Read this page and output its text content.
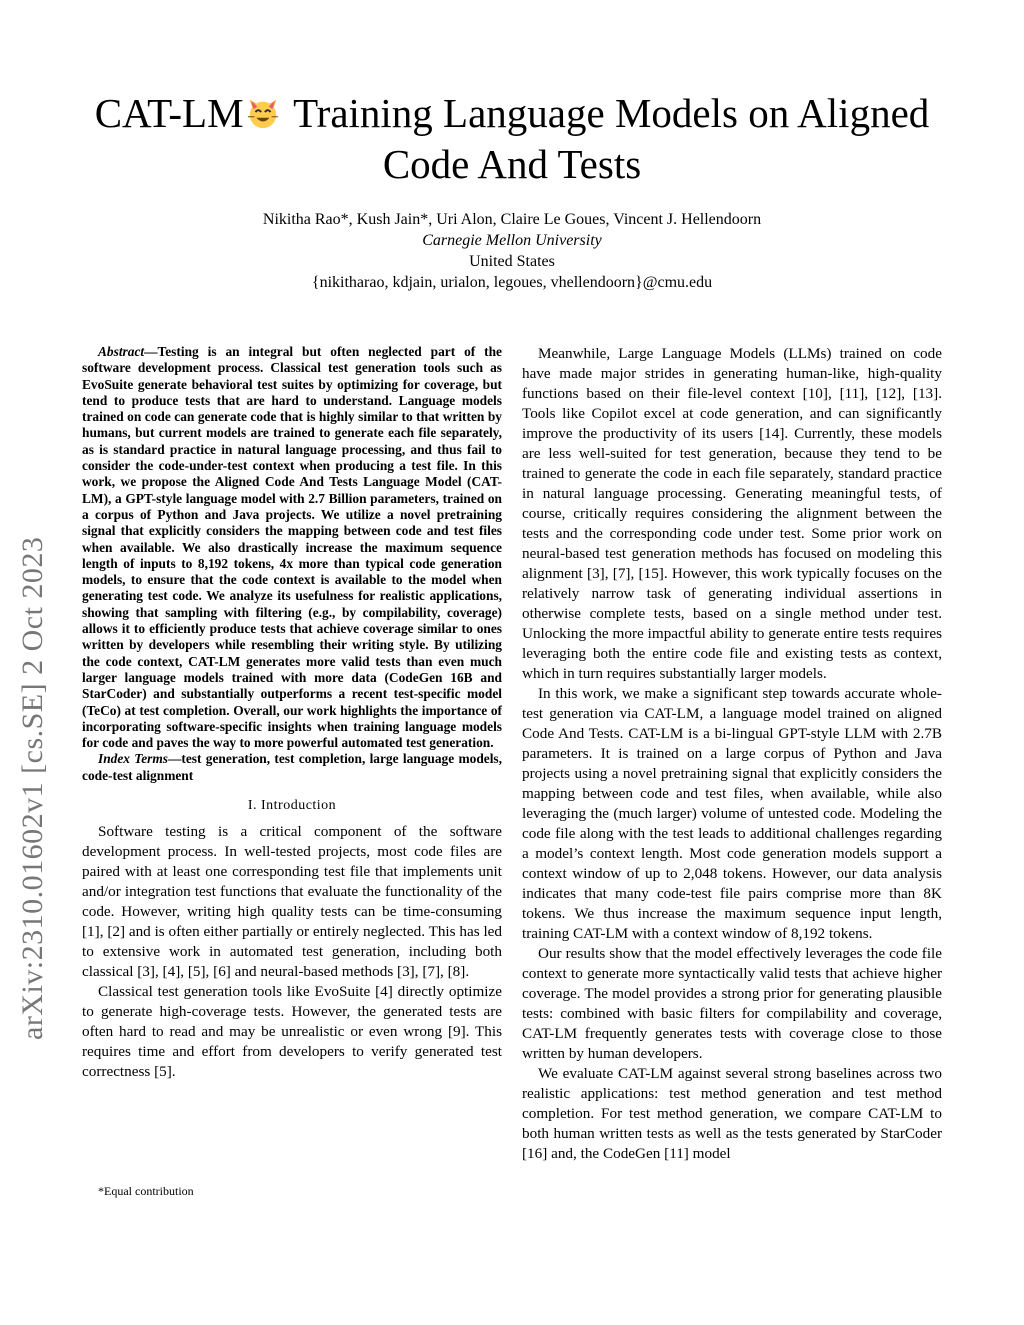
CAT-LM Training Language Models on Aligned
Code And Tests
Nikitha Rao*, Kush Jain*, Uri Alon, Claire Le Goues, Vincent J. Hellendoorn
Carnegie Mellon University
United States
{nikitharao, kdjain, urialon, legoues, vhellendoorn}@cmu.edu
arXiv:2310.01602v1 [cs.SE] 2 Oct 2023

Abstract—Testing is an integral but often neglected part of the software development process. Classical test generation tools such as EvoSuite generate behavioral test suites by optimizing for coverage, but tend to produce tests that are hard to understand. Language models trained on code can generate code that is highly similar to that written by humans, but current models are trained to generate each file separately, as is standard practice in natural language processing, and thus fail to consider the code-under-test context when producing a test file. In this work, we propose the Aligned Code And Tests Language Model (CAT-LM), a GPT-style language model with 2.7 Billion parameters, trained on a corpus of Python and Java projects. We utilize a novel pretraining signal that explicitly considers the mapping between code and test files when available. We also drastically increase the maximum sequence length of inputs to 8,192 tokens, 4x more than typical code generation models, to ensure that the code context is available to the model when generating test code. We analyze its usefulness for realistic applications, showing that sampling with filtering (e.g., by compilability, coverage) allows it to efficiently produce tests that achieve coverage similar to ones written by developers while resembling their writing style. By utilizing the code context, CAT-LM generates more valid tests than even much larger language models trained with more data (CodeGen 16B and StarCoder) and substantially outperforms a recent test-specific model (TeCo) at test completion. Overall, our work highlights the importance of incorporating software-specific insights when training language models for code and paves the way to more powerful automated test generation.

Index Terms—test generation, test completion, large language models, code-test alignment

I. Introduction

Software testing is a critical component of the software development process. In well-tested projects, most code files are paired with at least one corresponding test file that implements unit and/or integration test functions that evaluate the functionality of the code. However, writing high quality tests can be time-consuming [1], [2] and is often either partially or entirely neglected. This has led to extensive work in automated test generation, including both classical [3], [4], [5], [6] and neural-based methods [3], [7], [8].

Classical test generation tools like EvoSuite [4] directly optimize to generate high-coverage tests. However, the generated tests are often hard to read and may be unrealistic or even wrong [9]. This requires time and effort from developers to verify generated test correctness [5].

*Equal contribution

Meanwhile, Large Language Models (LLMs) trained on code have made major strides in generating human-like, high-quality functions based on their file-level context [10], [11], [12], [13]. Tools like Copilot excel at code generation, and can significantly improve the productivity of its users [14]. Currently, these models are less well-suited for test generation, because they tend to be trained to generate the code in each file separately, standard practice in natural language processing. Generating meaningful tests, of course, critically requires considering the alignment between the tests and the corresponding code under test. Some prior work on neural-based test generation methods has focused on modeling this alignment [3], [7], [15]. However, this work typically focuses on the relatively narrow task of generating individual assertions in otherwise complete tests, based on a single method under test. Unlocking the more impactful ability to generate entire tests requires leveraging both the entire code file and existing tests as context, which in turn requires substantially larger models.

In this work, we make a significant step towards accurate whole-test generation via CAT-LM, a language model trained on aligned Code And Tests. CAT-LM is a bi-lingual GPT-style LLM with 2.7B parameters. It is trained on a large corpus of Python and Java projects using a novel pretraining signal that explicitly considers the mapping between code and test files, when available, while also leveraging the (much larger) volume of untested code. Modeling the code file along with the test leads to additional challenges regarding a model’s context length. Most code generation models support a context window of up to 2,048 tokens. However, our data analysis indicates that many code-test file pairs comprise more than 8K tokens. We thus increase the maximum sequence input length, training CAT-LM with a context window of 8,192 tokens.

Our results show that the model effectively leverages the code file context to generate more syntactically valid tests that achieve higher coverage. The model provides a strong prior for generating plausible tests: combined with basic filters for compilability and coverage, CAT-LM frequently generates tests with coverage close to those written by human developers.

We evaluate CAT-LM against several strong baselines across two realistic applications: test method generation and test method completion. For test method generation, we compare CAT-LM to both human written tests as well as the tests generated by StarCoder [16] and, the CodeGen [11] model
